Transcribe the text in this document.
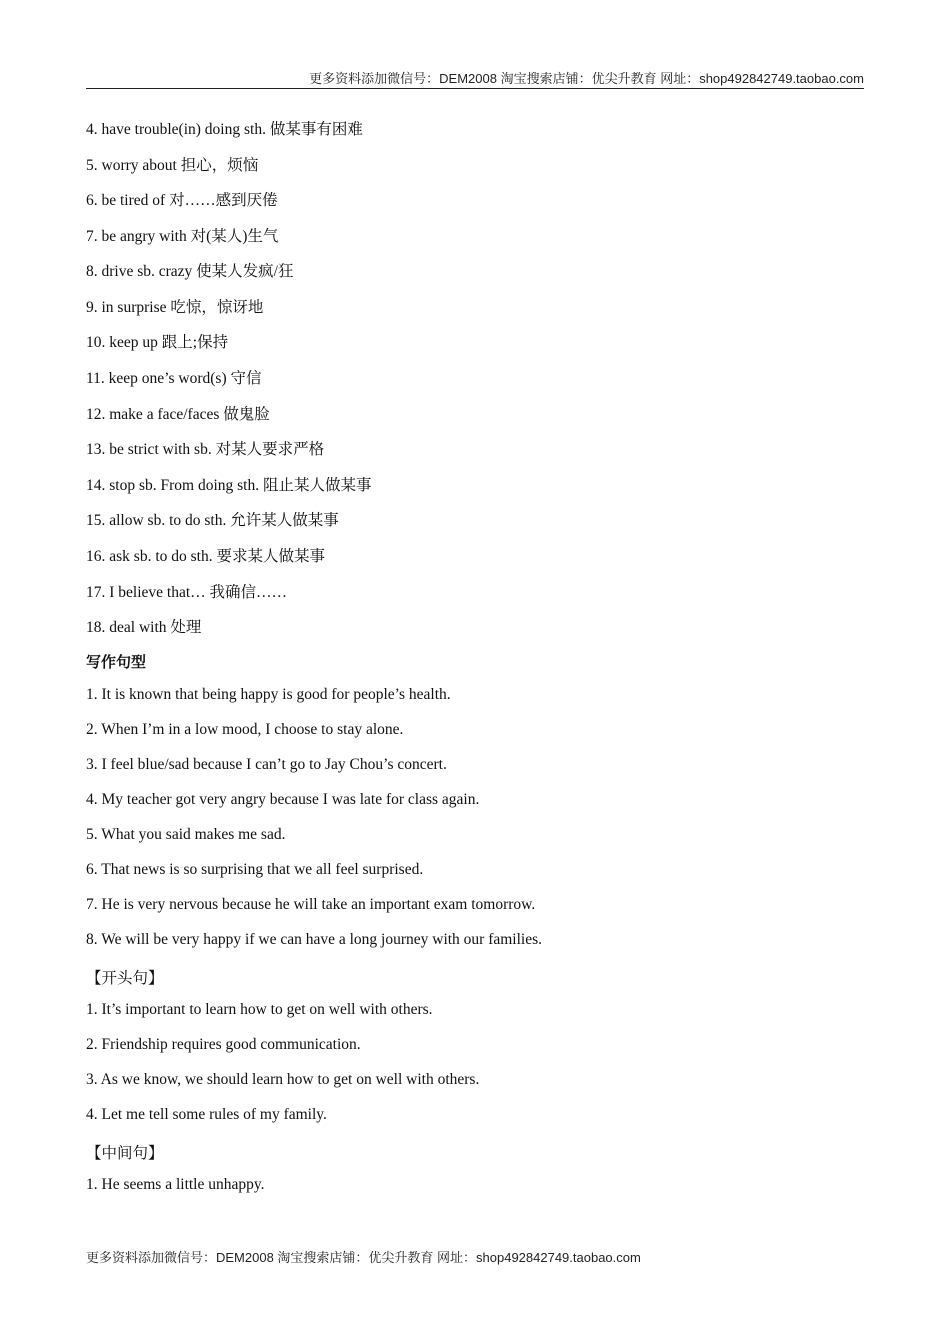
更多资料添加微信号：DEM2008 淘宝搜索店铺：优尖升教育 网址：shop492842749.taobao.com
4. have trouble(in) doing sth. 做某事有困难
5. worry about 担心，烦恼
6. be tired of 对……感到厌倦
7. be angry with 对(某人)生气
8. drive sb. crazy 使某人发疯/狂
9. in surprise 吃惊，惊讶地
10. keep up 跟上;保持
11. keep one’s word(s) 守信
12. make a face/faces 做鬼脸
13. be strict with sb. 对某人要求严格
14. stop sb. From doing sth. 阻止某人做某事
15. allow sb. to do sth. 允许某人做某事
16. ask sb. to do sth. 要求某人做某事
17. I believe that… 我确信……
18. deal with 处理
写作句型
1. It is known that being happy is good for people’s health.
2. When I’m in a low mood, I choose to stay alone.
3. I feel blue/sad because I can’t go to Jay Chou’s concert.
4. My teacher got very angry because I was late for class again.
5. What you said makes me sad.
6. That news is so surprising that we all feel surprised.
7. He is very nervous because he will take an important exam tomorrow.
8. We will be very happy if we can have a long journey with our families.
【开头句】
1. It’s important to learn how to get on well with others.
2. Friendship requires good communication.
3. As we know, we should learn how to get on well with others.
4. Let me tell some rules of my family.
【中间句】
1. He seems a little unhappy.
更多资料添加微信号：DEM2008 淘宝搜索店铺：优尖升教育 网址：shop492842749.taobao.com
